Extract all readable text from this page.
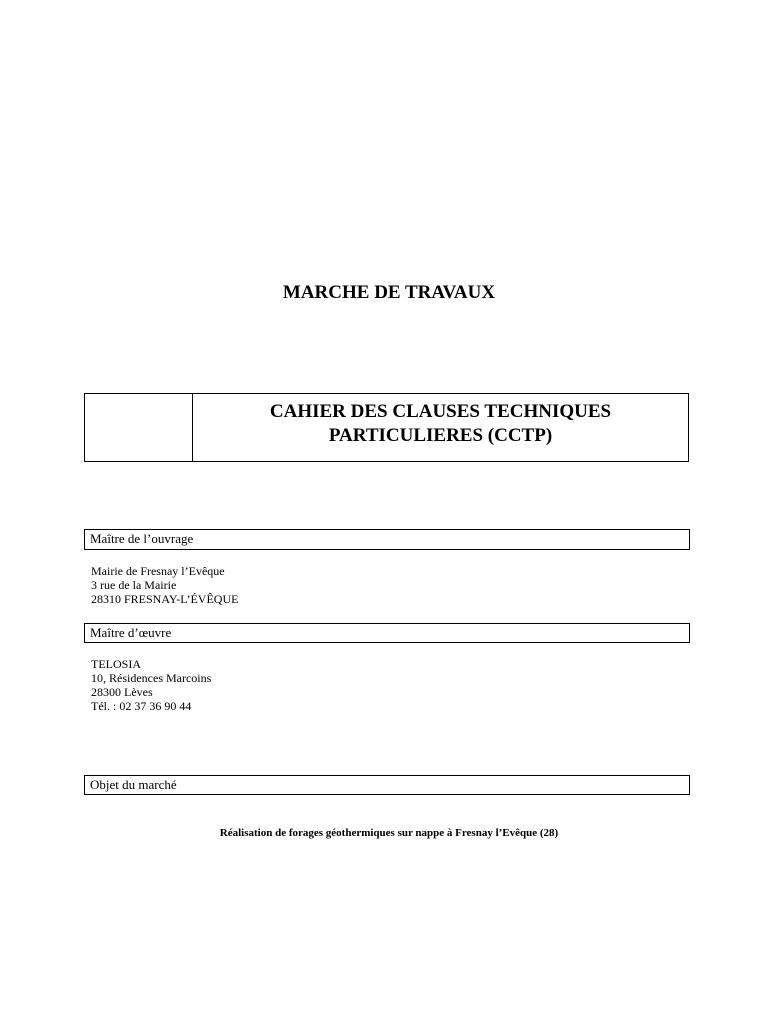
MARCHE DE TRAVAUX
CAHIER DES CLAUSES TECHNIQUES
PARTICULIERES (CCTP)
Maître de l’ouvrage
Mairie de Fresnay l’Evêque
3 rue de la Mairie
28310 FRESNAY-L’ÉVÊQUE
Maître d’œuvre
TELOSIA
10, Résidences Marcoins
28300 Lèves
Tél. : 02 37 36 90 44
Objet du marché
Réalisation de forages géothermiques sur nappe à Fresnay l’Evêque (28)
